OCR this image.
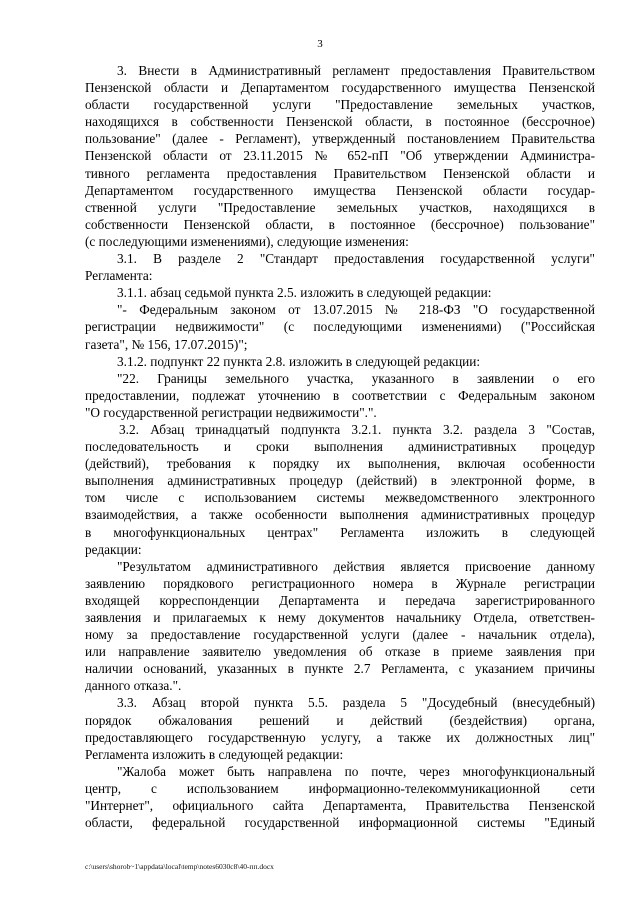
3
3. Внести в Административный регламент предоставления Правительством
Пензенской области и Департаментом государственного имущества Пензенской
области государственной услуги "Предоставление земельных участков,
находящихся в собственности Пензенской области, в постоянное (бессрочное)
пользование" (далее - Регламент), утвержденный постановлением Правительства
Пензенской области от 23.11.2015 № 652-пП "Об утверждении Администра-
тивного регламента предоставления Правительством Пензенской области и
Департаментом государственного имущества Пензенской области государ-
ственной услуги "Предоставление земельных участков, находящихся в
собственности Пензенской области, в постоянное (бессрочное) пользование"
(с последующими изменениями), следующие изменения:
3.1. В разделе 2 "Стандарт предоставления государственной услуги"
Регламента:
3.1.1. абзац седьмой пункта 2.5. изложить в следующей редакции:
"- Федеральным законом от 13.07.2015 № 218-ФЗ "О государственной
регистрации недвижимости" (с последующими изменениями) ("Российская
газета", № 156, 17.07.2015)";
3.1.2. подпункт 22 пункта 2.8. изложить в следующей редакции:
"22. Границы земельного участка, указанного в заявлении о его
предоставлении, подлежат уточнению в соответствии с Федеральным законом
"О государственной регистрации недвижимости".".
3.2. Абзац тринадцатый подпункта 3.2.1. пункта 3.2. раздела 3 "Состав,
последовательность и сроки выполнения административных процедур
(действий), требования к порядку их выполнения, включая особенности
выполнения административных процедур (действий) в электронной форме, в
том числе с использованием системы межведомственного электронного
взаимодействия, а также особенности выполнения административных процедур
в многофункциональных центрах" Регламента изложить в следующей
редакции:
"Результатом административного действия является присвоение данному
заявлению порядкового регистрационного номера в Журнале регистрации
входящей корреспонденции Департамента и передача зарегистрированного
заявления и прилагаемых к нему документов начальнику Отдела, ответствен-
ному за предоставление государственной услуги (далее - начальник отдела),
или направление заявителю уведомления об отказе в приеме заявления при
наличии оснований, указанных в пункте 2.7 Регламента, с указанием причины
данного отказа.".
3.3. Абзац второй пункта 5.5. раздела 5 "Досудебный (внесудебный)
порядок обжалования решений и действий (бездействия) органа,
предоставляющего государственную услугу, а также их должностных лиц"
Регламента изложить в следующей редакции:
"Жалоба может быть направлена по почте, через многофункциональный
центр, с использованием информационно-телекоммуникационной сети
"Интернет", официального сайта Департамента, Правительства Пензенской
области, федеральной государственной информационной системы "Единый
c:\users\shorob~1\appdata\local\temp\notes6030c8\40-пп.docx
